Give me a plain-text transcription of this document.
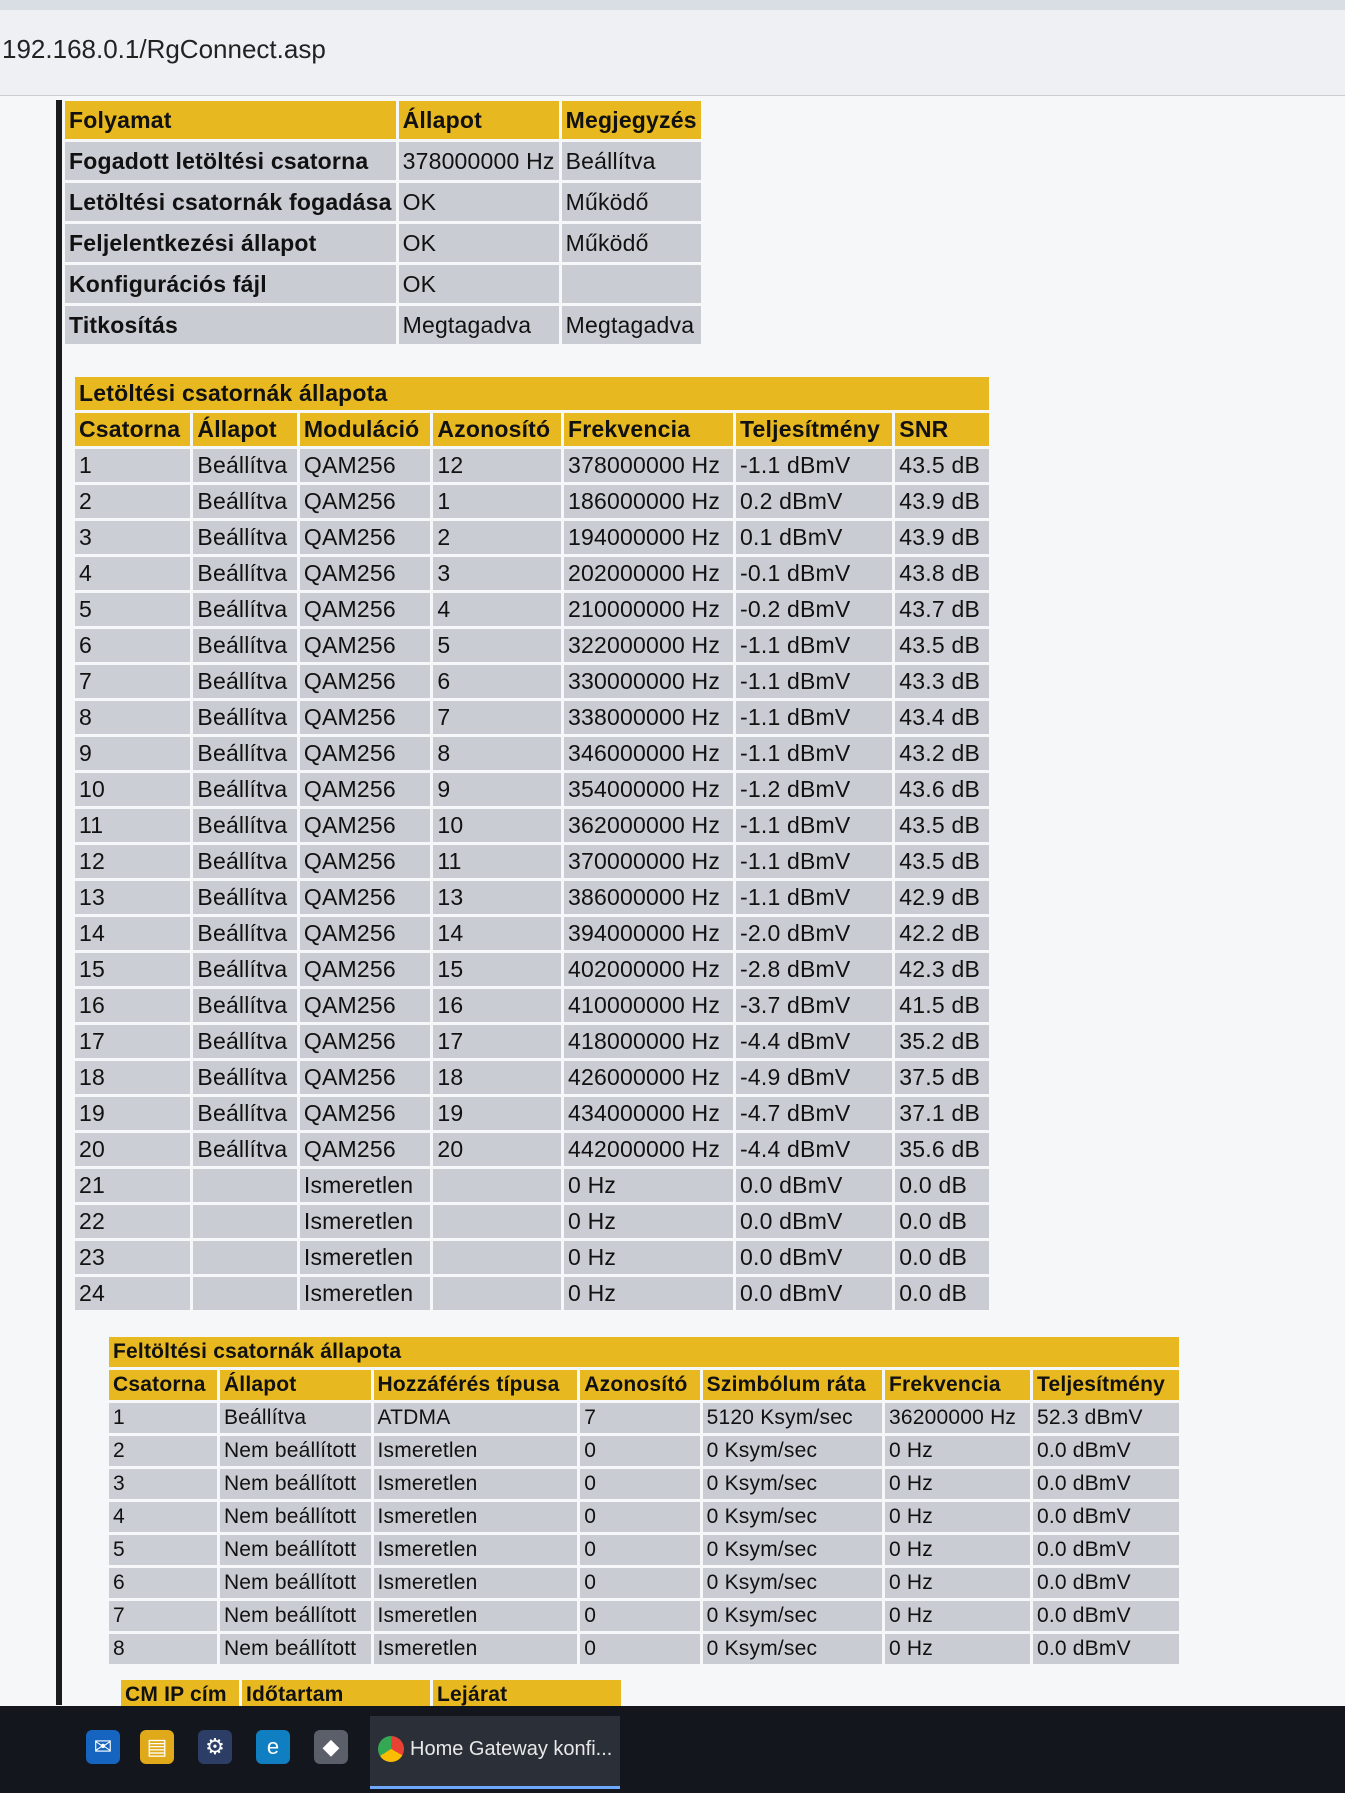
192.168.0.1/RgConnect.asp
Folyamat	Állapot	Megjegyzés
Fogadott letöltési csatorna	378000000 Hz	Beállítva
Letöltési csatornák fogadása	OK	Működő
Feljelentkezési állapot	OK	Működő
Konfigurációs fájl	OK	
Titkosítás	Megtagadva	Megtagadva
Letöltési csatornák állapota						
Csatorna	Állapot	Moduláció	Azonosító	Frekvencia	Teljesítmény	SNR
1	Beállítva	QAM256	12	378000000 Hz	-1.1 dBmV	43.5 dB
2	Beállítva	QAM256	1	186000000 Hz	0.2 dBmV	43.9 dB
3	Beállítva	QAM256	2	194000000 Hz	0.1 dBmV	43.9 dB
4	Beállítva	QAM256	3	202000000 Hz	-0.1 dBmV	43.8 dB
5	Beállítva	QAM256	4	210000000 Hz	-0.2 dBmV	43.7 dB
6	Beállítva	QAM256	5	322000000 Hz	-1.1 dBmV	43.5 dB
7	Beállítva	QAM256	6	330000000 Hz	-1.1 dBmV	43.3 dB
8	Beállítva	QAM256	7	338000000 Hz	-1.1 dBmV	43.4 dB
9	Beállítva	QAM256	8	346000000 Hz	-1.1 dBmV	43.2 dB
10	Beállítva	QAM256	9	354000000 Hz	-1.2 dBmV	43.6 dB
11	Beállítva	QAM256	10	362000000 Hz	-1.1 dBmV	43.5 dB
12	Beállítva	QAM256	11	370000000 Hz	-1.1 dBmV	43.5 dB
13	Beállítva	QAM256	13	386000000 Hz	-1.1 dBmV	42.9 dB
14	Beállítva	QAM256	14	394000000 Hz	-2.0 dBmV	42.2 dB
15	Beállítva	QAM256	15	402000000 Hz	-2.8 dBmV	42.3 dB
16	Beállítva	QAM256	16	410000000 Hz	-3.7 dBmV	41.5 dB
17	Beállítva	QAM256	17	418000000 Hz	-4.4 dBmV	35.2 dB
18	Beállítva	QAM256	18	426000000 Hz	-4.9 dBmV	37.5 dB
19	Beállítva	QAM256	19	434000000 Hz	-4.7 dBmV	37.1 dB
20	Beállítva	QAM256	20	442000000 Hz	-4.4 dBmV	35.6 dB
21		Ismeretlen		0 Hz	0.0 dBmV	0.0 dB
22		Ismeretlen		0 Hz	0.0 dBmV	0.0 dB
23		Ismeretlen		0 Hz	0.0 dBmV	0.0 dB
24		Ismeretlen		0 Hz	0.0 dBmV	0.0 dB
Feltöltési csatornák állapota						
Csatorna	Állapot	Hozzáférés típusa	Azonosító	Szimbólum ráta	Frekvencia	Teljesítmény
1	Beállítva	ATDMA	7	5120 Ksym/sec	36200000 Hz	52.3 dBmV
2	Nem beállított	Ismeretlen	0	0 Ksym/sec	0 Hz	0.0 dBmV
3	Nem beállított	Ismeretlen	0	0 Ksym/sec	0 Hz	0.0 dBmV
4	Nem beállított	Ismeretlen	0	0 Ksym/sec	0 Hz	0.0 dBmV
5	Nem beállított	Ismeretlen	0	0 Ksym/sec	0 Hz	0.0 dBmV
6	Nem beállított	Ismeretlen	0	0 Ksym/sec	0 Hz	0.0 dBmV
7	Nem beállított	Ismeretlen	0	0 Ksym/sec	0 Hz	0.0 dBmV
8	Nem beállított	Ismeretlen	0	0 Ksym/sec	0 Hz	0.0 dBmV
CM IP cím	Időtartam	Lejárat
✉	▤	⚙	e	◆	Home Gateway konfi...
